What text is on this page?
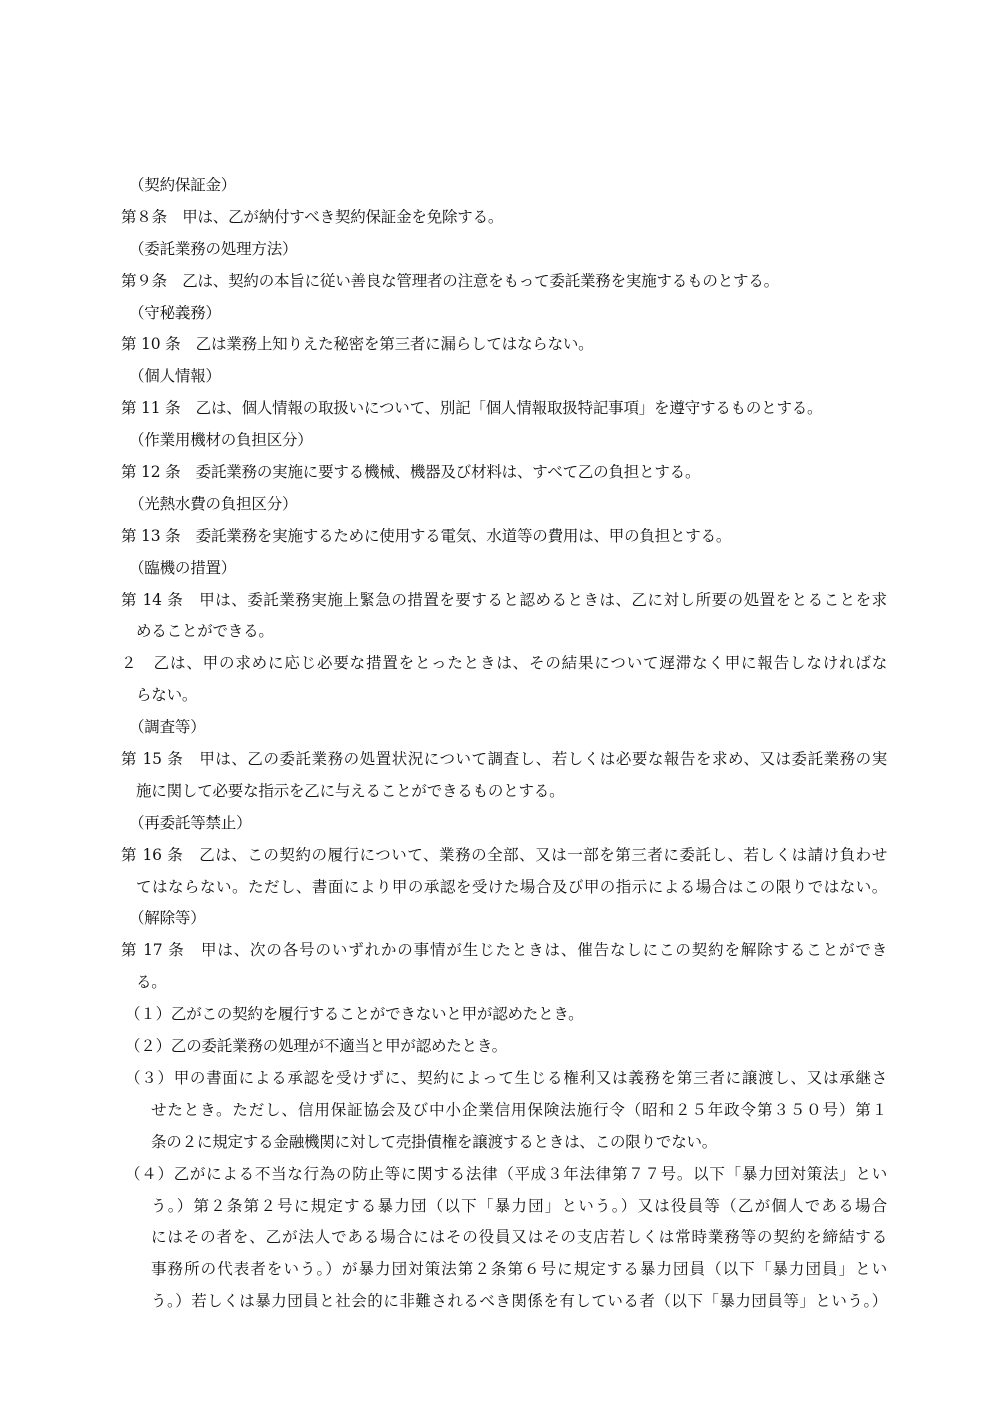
（契約保証金）
第８条　甲は、乙が納付すべき契約保証金を免除する。
（委託業務の処理方法）
第９条　乙は、契約の本旨に従い善良な管理者の注意をもって委託業務を実施するものとする。
（守秘義務）
第 10 条　乙は業務上知りえた秘密を第三者に漏らしてはならない。
（個人情報）
第 11 条　乙は、個人情報の取扱いについて、別記「個人情報取扱特記事項」を遵守するものとする。
（作業用機材の負担区分）
第 12 条　委託業務の実施に要する機械、機器及び材料は、すべて乙の負担とする。
（光熱水費の負担区分）
第 13 条　委託業務を実施するために使用する電気、水道等の費用は、甲の負担とする。
（臨機の措置）
第 14 条　甲は、委託業務実施上緊急の措置を要すると認めるときは、乙に対し所要の処置をとることを求
めることができる。
２　乙は、甲の求めに応じ必要な措置をとったときは、その結果について遅滞なく甲に報告しなければな
らない。
（調査等）
第 15 条　甲は、乙の委託業務の処置状況について調査し、若しくは必要な報告を求め、又は委託業務の実
施に関して必要な指示を乙に与えることができるものとする。
（再委託等禁止）
第 16 条　乙は、この契約の履行について、業務の全部、又は一部を第三者に委託し、若しくは請け負わせ
てはならない。ただし、書面により甲の承認を受けた場合及び甲の指示による場合はこの限りではない。
（解除等）
第 17 条　甲は、次の各号のいずれかの事情が生じたときは、催告なしにこの契約を解除することができ
る。
（１）乙がこの契約を履行することができないと甲が認めたとき。
（２）乙の委託業務の処理が不適当と甲が認めたとき。
（３）甲の書面による承認を受けずに、契約によって生じる権利又は義務を第三者に譲渡し、又は承継さ
せたとき。ただし、信用保証協会及び中小企業信用保険法施行令（昭和２５年政令第３５０号）第１
条の２に規定する金融機関に対して売掛債権を譲渡するときは、この限りでない。
（４）乙がによる不当な行為の防止等に関する法律（平成３年法律第７７号。以下「暴力団対策法」とい
う。）第２条第２号に規定する暴力団（以下「暴力団」という。）又は役員等（乙が個人である場合
にはその者を、乙が法人である場合にはその役員又はその支店若しくは常時業務等の契約を締結する
事務所の代表者をいう。）が暴力団対策法第２条第６号に規定する暴力団員（以下「暴力団員」とい
う。）若しくは暴力団員と社会的に非難されるべき関係を有している者（以下「暴力団員等」という。）
